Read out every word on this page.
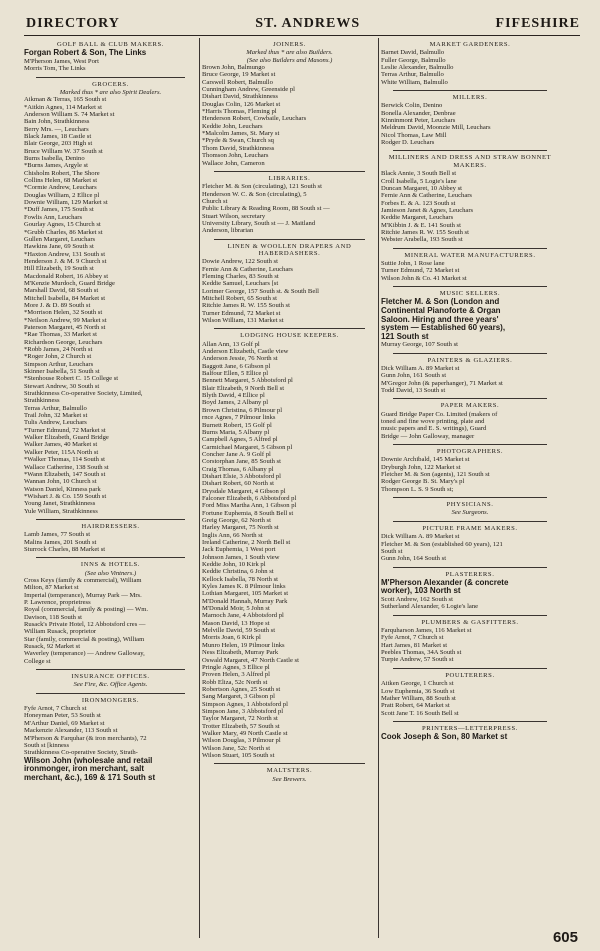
DIRECTORY	ST. ANDREWS	FIFESHIRE
GOLF BALL & CLUB MAKERS.
Forgan Robert & Son, The Links
M'Pherson James, West Port
Morris Tom, The Links
GROCERS.
Marked thus * are also Spirit Dealers.
Aikman & Terras, 165 South st
*Aitkin Agnes, 114 Market st
Anderson William S. 74 Market st
Bain John, Strathkinness
Berry Mrs. —, Leuchars
Black James, 18 Castle st
Blair George, 203 High st
Bruce William W. 37 South st
Burns Isabella, Denino
*Burns James, Argyle st
Chisholm Robert, The Shore
Collins Helen, 68 Market st
*Cormie Andrew, Leuchars
Douglas William, 2 Ellice pl
Downie William, 129 Market st
*Duff James, 175 South st
Fowlis Ann, Leuchars
Gourlay Agnes, 15 Church st
*Grubb Charles, 86 Market st
Gullen Margaret, Leuchars
Hawkins Jane, 69 South st
*Haxton Andrew, 131 South st
Henderson J. & M. 9 Church st
Hill Elizabeth, 19 South st
Macdonald Robert, 16 Abbey st
M'Kenzie Murdoch, Guard Bridge
Marshall David, 68 South st
Mitchell Isabella, 84 Market st
More J. & D. 89 South st
*Morrison Helen, 32 South st
*Neilson Andrew, 99 Market st
Paterson Margaret, 45 North st
*Rae Thomas, 33 Market st
Richardson George, Leuchars
*Robb James, 24 North st
*Roger John, 2 Church st
Simpson Arthur, Leuchars
Skinner Isabella, 51 South st
*Stenhouse Robert C. 15 College st
Stewart Andrew, 30 South st
Strathkinness Co-operative Society, Limited,
Strathkinness
Terras Arthur, Balmullo
Trail John, 32 Market st
Tulis Andrew, Leuchars
*Turner Edmund, 72 Market st
Walker Elizabeth, Guard Bridge
Walker James, 40 Market st
Walker Peter, 115A North st
*Walker Thomas, 114 South st
Wallace Catherine, 138 South st
*Wann Elizabeth, 147 South st
Wannan John, 10 Church st
Watson Daniel, Kinness park
*Wishart J. & Co. 159 South st
Young Janet, Strathkinness
Yule William, Strathkinness
HAIRDRESSERS.
Lamb James, 77 South st
Malins James, 201 South st
Sturrock Charles, 88 Market st
INNS & HOTELS.
(See also Vintners.)
Cross Keys (family & commercial), William
Milton, 87 Market st
Imperial (temperance), Murray Park — Mrs.
P. Lawrence, proprietress
Royal (commercial, family & posting) — Wm.
Davison, 118 South st
Rusack's Private Hotel, 12 Abbotsford cres —
William Rusack, proprietor
Star (family, commercial & posting), William
Rusack, 92 Market st
Waverley (temperance) — Andrew Galloway,
College st
INSURANCE OFFICES.
See Fire, &c. Office Agents.
IRONMONGERS.
Fyfe Arnot, 7 Church st
Honeyman Peter, 53 South st
M'Arthur Daniel, 69 Market st
Mackenzie Alexander, 113 South st
M'Pherson & Farquhar (& iron merchants), 72
South st [kinness
Strathkinness Co-operative Society, Strath-
Wilson John (wholesale and retail
ironmonger, iron merchant, salt
merchant, &c.), 169 & 171 South st
JOINERS.
Marked thus * are also Builders.
(See also Builders and Masons.)
Brown John, Balmungo
Bruce George, 19 Market st
Carswell Robert, Balmullo
Cunningham Andrew, Greenside pl
Dishart David, Strathkinness
Douglas Colin, 126 Market st
*Harris Thomas, Fleming pl
Henderson Robert, Cowbaile, Leuchars
Keddie John, Leuchars
*Malcolm James, St. Mary st
*Pryde & Swan, Church sq
Thom David, Strathkinness
Thomson John, Leuchars
Wallace John, Cameron
LIBRARIES.
Fletcher M. & Son (circulating), 121 South st
Henderson W. C. & Son (circulating), 5
Church st
Public Library & Reading Room, 88 South st —
Stuart Wilson, secretary
University Library, South st — J. Maitland
Anderson, librarian
LINEN & WOOLLEN DRAPERS AND HABERDASHERS.
Dowie Andrew, 122 South st
Fernie Ann & Catherine, Leuchars
Fleming Charles, 83 South st
Keddie Samuel, Leuchars [st
Lorimer George, 157 South st. & South Bell
Mitchell Robert, 65 South st
Ritchie James R. W. 155 South st
Turner Edmund, 72 Market st
Wilson William, 131 Market st
LODGING HOUSE KEEPERS.
Allan Ann, 13 Golf pl
Anderson Elizabeth, Castle view
Anderson Jessie, 76 North st
Baggott Jane, 6 Gibson pl
Balfour Ellen, 5 Ellice pl
Bennett Margaret, 5 Abbotsford pl
Blair Elizabeth, 9 North Bell st
Blyth David, 4 Ellice pl
Boyd James, 2 Albany pl
Brown Christina, 6 Pilmour pl
rnce Agnes, 7 Pilmour links
Burnett Robert, 15 Golf pl
Burns Maria, 5 Albany pl
Campbell Agnes, 5 Alfred pl
Carmichael Margaret, 5 Gibson pl
Concher Jane A. 9 Golf pl
Corstorphan Jane, 85 South st
Craig Thomas, 6 Albany pl
Dishart Elsie, 3 Abbotsford pl
Dishart Robert, 60 North st
Drysdale Margaret, 4 Gibson pl
Falconer Elizabeth, 6 Abbotsford pl
Ford Miss Martha Ann, 1 Gibson pl
Fortune Euphemia, 8 South Bell st
Greig George, 62 North st
Harley Margaret, 75 North st
Inglis Ann, 66 North st
Ireland Catherine, 2 North Bell st
Jack Euphemia, 1 West port
Johnson James, 1 South view
Keddie John, 10 Kirk pl
Keddie Christina, 6 John st
Kellock Isabella, 78 North st
Kyles James K. 8 Pilmour links
Lothian Margaret, 105 Market st
M'Donald Hannah, Murray Park
M'Donald Moir, 5 John st
Marnoch Jane, 4 Abbotsford pl
Mason David, 13 Hope st
Melville David, 59 South st
Morris Joan, 6 Kirk pl
Munro Helen, 19 Pilmour links
Ness Elizabeth, Murray Park
Oswald Margaret, 47 North Castle st
Pringle Agnes, 3 Ellice pl
Proven Helen, 3 Alfred pl
Robb Eliza, 52c North st
Robertson Agnes, 25 South st
Sang Margaret, 3 Gibson pl
Simpson Agnes, 1 Abbotsford pl
Simpson Jane, 3 Abbotsford pl
Taylor Margaret, 72 North st
Trotter Elizabeth, 57 South st
Walker Mary, 49 North Castle st
Wilson Douglas, 3 Pilmour pl
Wilson Jane, 52c North st
Wilson Stuart, 105 South st
MALTSTERS.
See Brewers.
MARKET GARDENERS.
Barnet David, Balmullo
Fuller George, Balmullo
Leslie Alexander, Balmullo
Terras Arthur, Balmullo
White William, Balmullo
MILLERS.
Berwick Colin, Denino
Bonella Alexander, Denbrae
Kinninmont Peter, Leuchars
Meldrum David, Moonzie Mill, Leuchars
Nicol Thomas, Law Mill
Rodger D. Leuchars
MILLINERS AND DRESS AND STRAW BONNET MAKERS.
Black Annie, 3 South Bell st
Croll Isabella, 5 Logie's lane
Duncan Margaret, 10 Abbey st
Fernie Ann & Catherine, Leuchars
Forbes E. & A. 123 South st
Jamieson Janet & Agnes, Leuchars
Keddie Margaret, Leuchars
M'Kibbin J. & E. 141 South st
Ritchie James R. W. 155 South st
Webster Arabella, 193 South st
MINERAL WATER MANUFACTURERS.
Suttie John, 1 Rose lane
Turner Edmund, 72 Market st
Wilson John & Co. 41 Market st
MUSIC SELLERS.
Fletcher M. & Son (London and
Continental Pianoforte & Organ
Saloon. Hiring and three years'
system — Established 60 years),
121 South st
Murray George, 107 South st
PAINTERS & GLAZIERS.
Dick William A. 89 Market st
Gunn John, 161 South st
M'Gregor John (& paperhanger), 71 Market st
Todd David, 13 South st
PAPER MAKERS.
Guard Bridge Paper Co. Limited (makers of
toned and fine wove printing, plate and
music papers and E. S. writings), Guard
Bridge — John Galloway, manager
PHOTOGRAPHERS.
Downie Archibald, 145 Market st
Dryburgh John, 122 Market st
Fletcher M. & Son (agents), 121 South st
Rodger George B. St. Mary's pl
Thompson L. S. 9 South st;
PHYSICIANS.
See Surgeons.
PICTURE FRAME MAKERS.
Dick William A. 89 Market st
Fletcher M. & Son (established 60 years), 121
South st
Gunn John, 164 South st
PLASTERERS.
M'Pherson Alexander (& concrete
worker), 103 North st
Scott Andrew, 162 South st
Sutherland Alexander, 6 Logie's lane
PLUMBERS & GASFITTERS.
Farquharson James, 116 Market st
Fyfe Arnot, 7 Church st
Hart James, 81 Market st
Peebles Thomas, 34A South st
Turpie Andrew, 57 South st
POULTERERS.
Aitken George, 1 Church st
Low Euphemia, 36 South st
Mather William, 88 South st
Pratt Robert, 64 Market st
Scott Jane T. 16 South Bell st
PRINTERS—LETTERPRESS.
Cook Joseph & Son, 80 Market st
605
